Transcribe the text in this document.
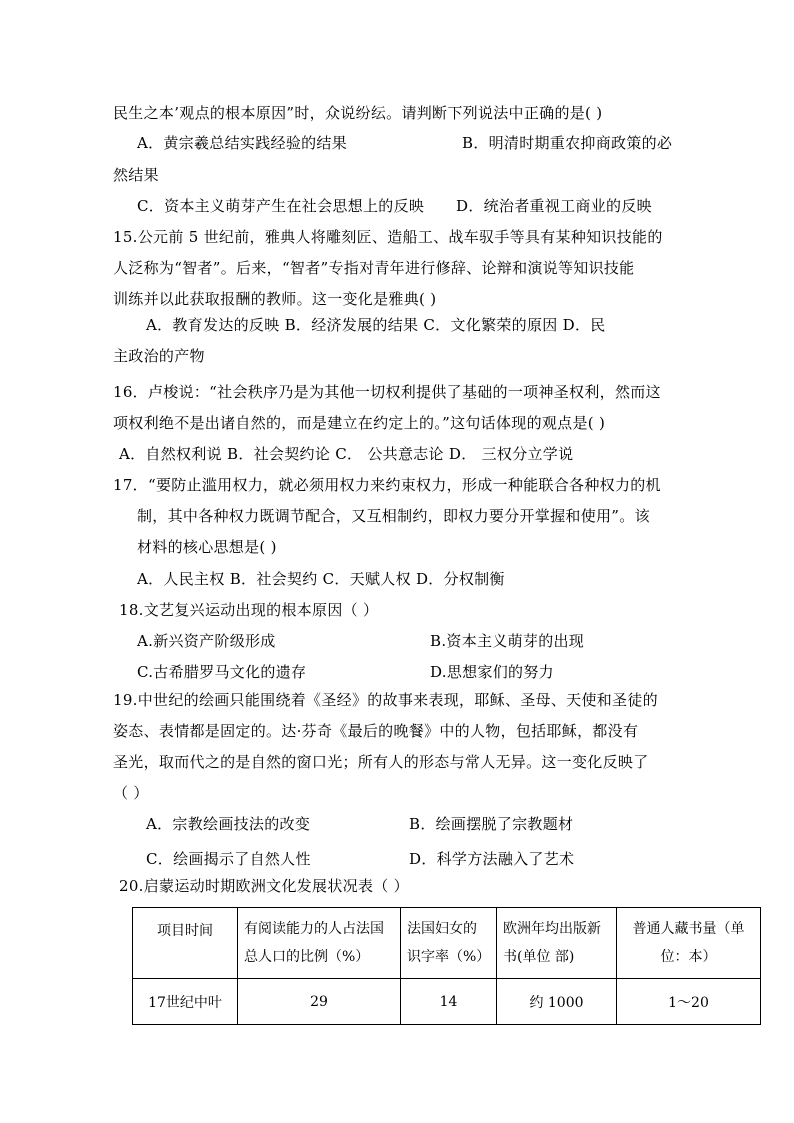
民生之本’观点的根本原因”时，众说纷纭。请判断下列说法中正确的是( )
A．黄宗羲总结实践经验的结果	B．明清时期重农抑商政策的必
然结果
C．资本主义萌芽产生在社会思想上的反映 D．统治者重视工商业的反映
15.公元前 5 世纪前，雅典人将雕刻匠、造船工、战车驭手等具有某种知识技能的
人泛称为“智者”。后来，“智者”专指对青年进行修辞、论辩和演说等知识技能
训练并以此获取报酬的教师。这一变化是雅典( )
A．教育发达的反映 B．经济发展的结果 C．文化繁荣的原因 D．民
主政治的产物
16．卢梭说：“社会秩序乃是为其他一切权利提供了基础的一项神圣权利，然而这
项权利绝不是出诸自然的，而是建立在约定上的。”这句话体现的观点是( )
A．自然权利说 B．社会契约论 C． 公共意志论 D． 三权分立学说
17．“要防止滥用权力，就必须用权力来约束权力，形成一种能联合各种权力的机
制，其中各种权力既调节配合，又互相制约，即权力要分开掌握和使用”。该
材料的核心思想是( )
A．人民主权 B．社会契约 C．天赋人权 D．分权制衡
18.文艺复兴运动出现的根本原因（ ）
A.新兴资产阶级形成	B.资本主义萌芽的出现
C.古希腊罗马文化的遗存	D.思想家们的努力
19.中世纪的绘画只能围绕着《圣经》的故事来表现，耶稣、圣母、天使和圣徒的
姿态、表情都是固定的。达·芬奇《最后的晚餐》中的人物，包括耶稣，都没有
圣光，取而代之的是自然的窗口光；所有人的形态与常人无异。这一变化反映了
（ ）
A．宗教绘画技法的改变	B．绘画摆脱了宗教题材
C．绘画揭示了自然人性	D．科学方法融入了艺术
20.启蒙运动时期欧洲文化发展状况表（ ）
项目时间	有阅读能力的人占法国总人口的比例（%）	法国妇女的识字率（%）	欧洲年均出版新书(单位 部)	普通人藏书量（单位：本）

17世纪中叶	29	14	约 1000	1～20
